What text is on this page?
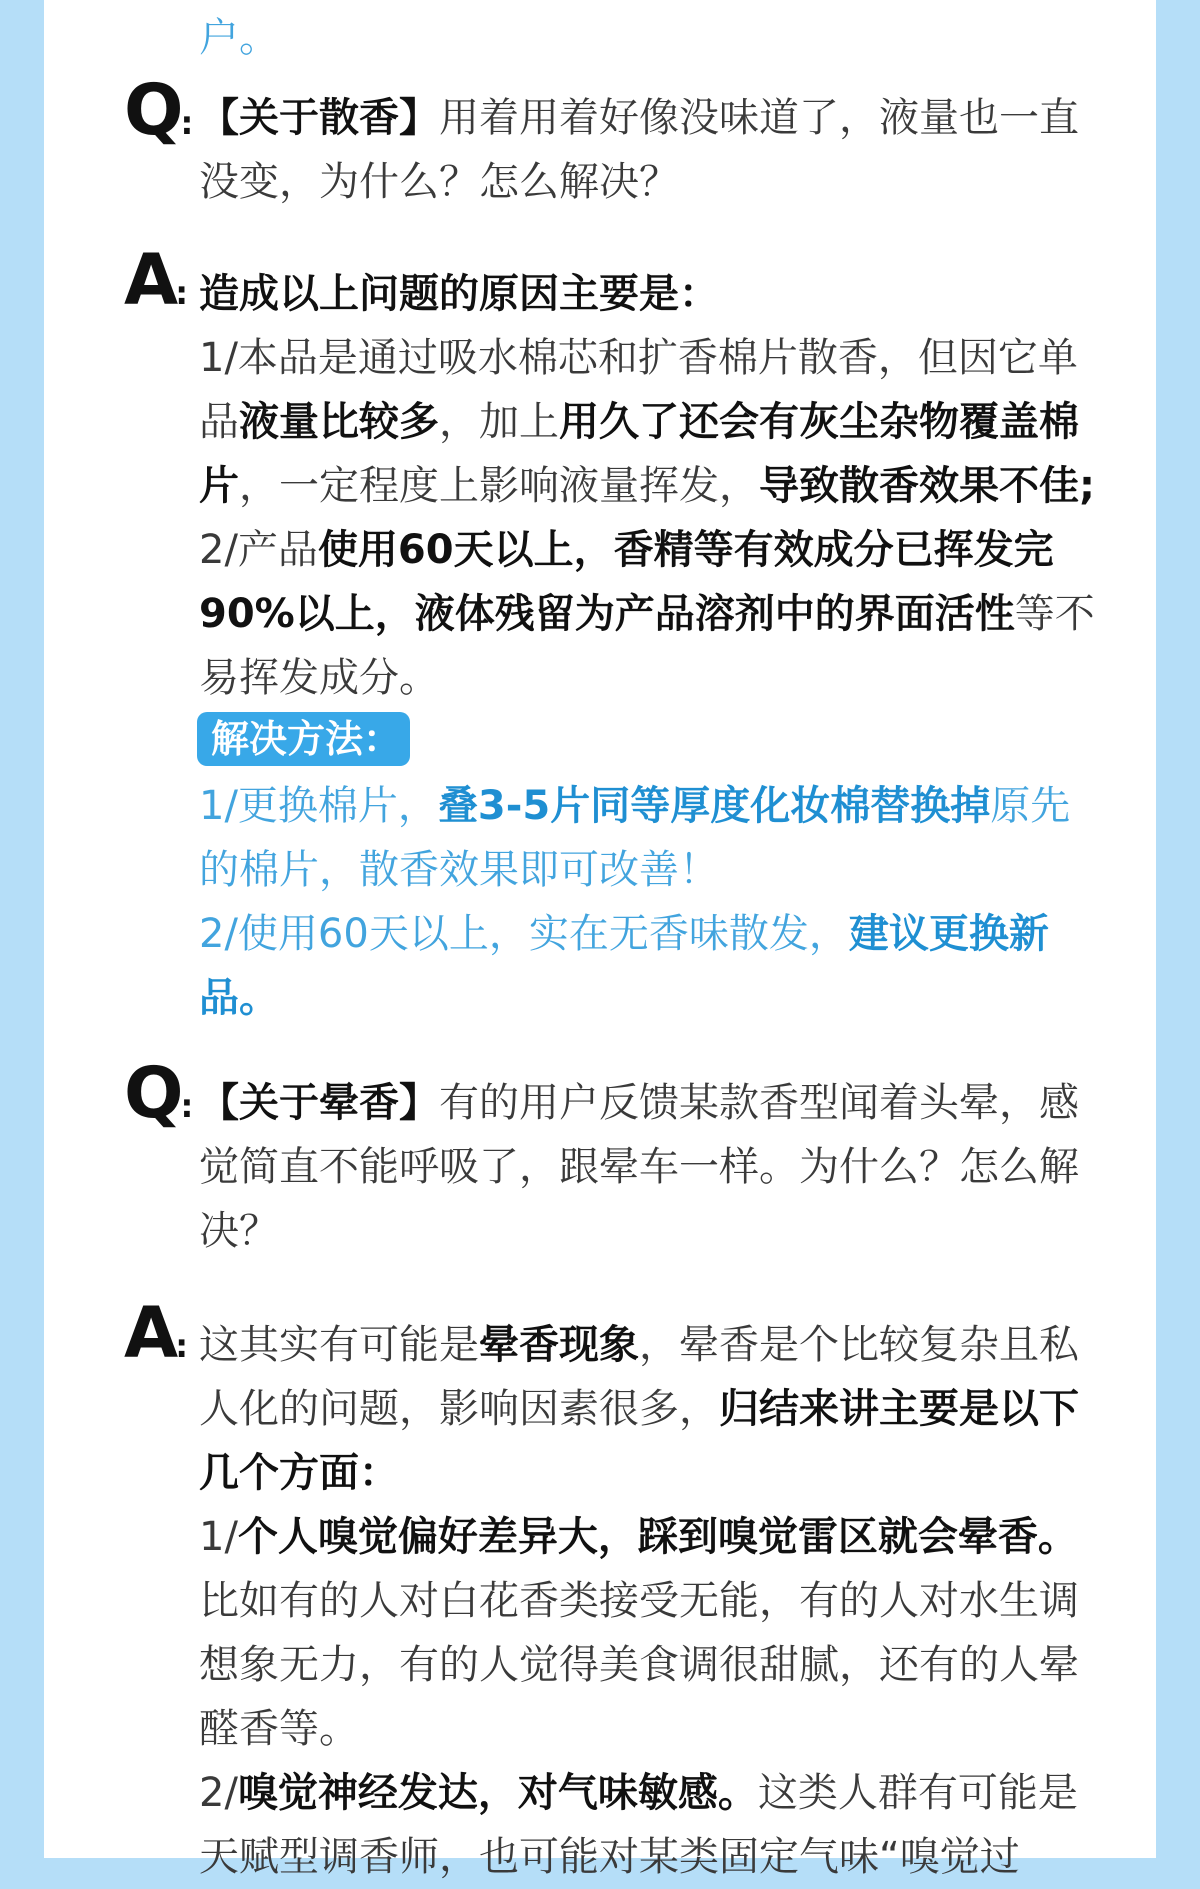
户。
Q: 【关于散香】用着用着好像没味道了，液量也一直
没变，为什么？怎么解决？
A: 造成以上问题的原因主要是：
1/本品是通过吸水棉芯和扩香棉片散香，但因它单
品液量比较多，加上用久了还会有灰尘杂物覆盖棉
片，一定程度上影响液量挥发，导致散香效果不佳;
2/产品使用60天以上，香精等有效成分已挥发完
90%以上，液体残留为产品溶剂中的界面活性等不
易挥发成分。
解决方法：
1/更换棉片，叠3-5片同等厚度化妆棉替换掉原先
的棉片，散香效果即可改善！
2/使用60天以上，实在无香味散发，建议更换新
品。
Q: 【关于晕香】有的用户反馈某款香型闻着头晕，感
觉简直不能呼吸了，跟晕车一样。为什么？怎么解
决？
A: 这其实有可能是晕香现象，晕香是个比较复杂且私
人化的问题，影响因素很多，归结来讲主要是以下
几个方面：
1/个人嗅觉偏好差异大，踩到嗅觉雷区就会晕香。
比如有的人对白花香类接受无能，有的人对水生调
想象无力，有的人觉得美食调很甜腻，还有的人晕
醛香等。
2/嗅觉神经发达，对气味敏感。这类人群有可能是
天赋型调香师，也可能对某类固定气味“嗅觉过
